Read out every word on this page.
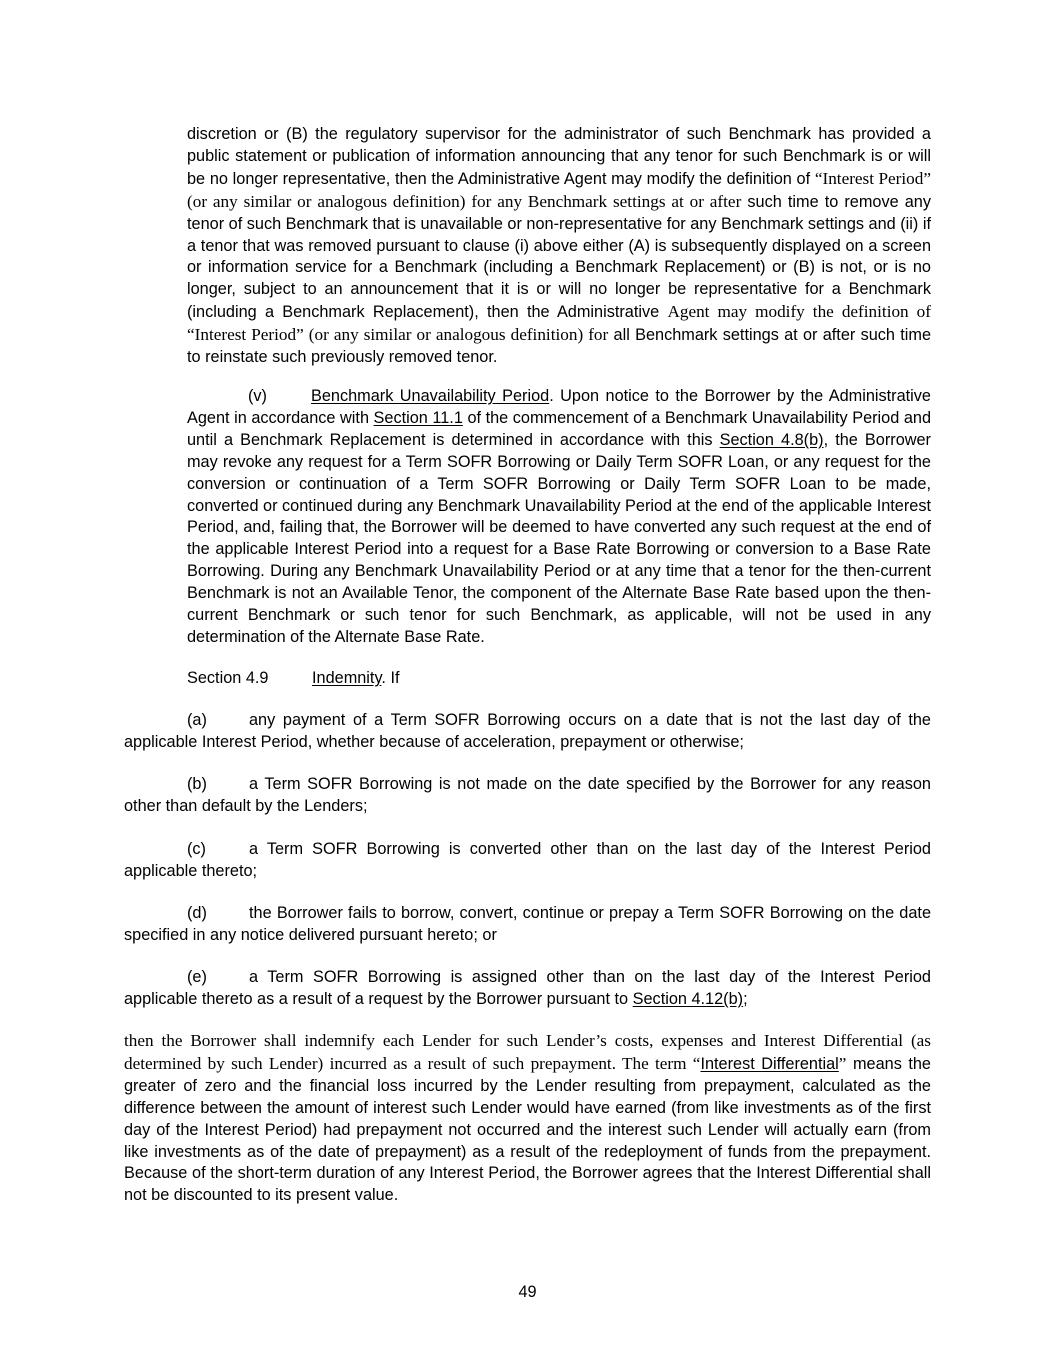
discretion or (B) the regulatory supervisor for the administrator of such Benchmark has provided a public statement or publication of information announcing that any tenor for such Benchmark is or will be no longer representative, then the Administrative Agent may modify the definition of “Interest Period” (or any similar or analogous definition) for any Benchmark settings at or after such time to remove any tenor of such Benchmark that is unavailable or non-representative for any Benchmark settings and (ii) if a tenor that was removed pursuant to clause (i) above either (A) is subsequently displayed on a screen or information service for a Benchmark (including a Benchmark Replacement) or (B) is not, or is no longer, subject to an announcement that it is or will no longer be representative for a Benchmark (including a Benchmark Replacement), then the Administrative Agent may modify the definition of “Interest Period” (or any similar or analogous definition) for all Benchmark settings at or after such time to reinstate such previously removed tenor.

(v)	Benchmark Unavailability Period. Upon notice to the Borrower by the Administrative Agent in accordance with Section 11.1 of the commencement of a Benchmark Unavailability Period and until a Benchmark Replacement is determined in accordance with this Section 4.8(b), the Borrower may revoke any request for a Term SOFR Borrowing or Daily Term SOFR Loan, or any request for the conversion or continuation of a Term SOFR Borrowing or Daily Term SOFR Loan to be made, converted or continued during any Benchmark Unavailability Period at the end of the applicable Interest Period, and, failing that, the Borrower will be deemed to have converted any such request at the end of the applicable Interest Period into a request for a Base Rate Borrowing or conversion to a Base Rate Borrowing. During any Benchmark Unavailability Period or at any time that a tenor for the then-current Benchmark is not an Available Tenor, the component of the Alternate Base Rate based upon the then-current Benchmark or such tenor for such Benchmark, as applicable, will not be used in any determination of the Alternate Base Rate.

Section 4.9	Indemnity. If

(a)	any payment of a Term SOFR Borrowing occurs on a date that is not the last day of the applicable Interest Period, whether because of acceleration, prepayment or otherwise;

(b)	a Term SOFR Borrowing is not made on the date specified by the Borrower for any reason other than default by the Lenders;

(c)	a Term SOFR Borrowing is converted other than on the last day of the Interest Period applicable thereto;

(d)	the Borrower fails to borrow, convert, continue or prepay a Term SOFR Borrowing on the date specified in any notice delivered pursuant hereto; or

(e)	a Term SOFR Borrowing is assigned other than on the last day of the Interest Period applicable thereto as a result of a request by the Borrower pursuant to Section 4.12(b);

then the Borrower shall indemnify each Lender for such Lender’s costs, expenses and Interest Differential (as determined by such Lender) incurred as a result of such prepayment. The term “Interest Differential” means the greater of zero and the financial loss incurred by the Lender resulting from prepayment, calculated as the difference between the amount of interest such Lender would have earned (from like investments as of the first day of the Interest Period) had prepayment not occurred and the interest such Lender will actually earn (from like investments as of the date of prepayment) as a result of the redeployment of funds from the prepayment. Because of the short-term duration of any Interest Period, the Borrower agrees that the Interest Differential shall not be discounted to its present value.

49
